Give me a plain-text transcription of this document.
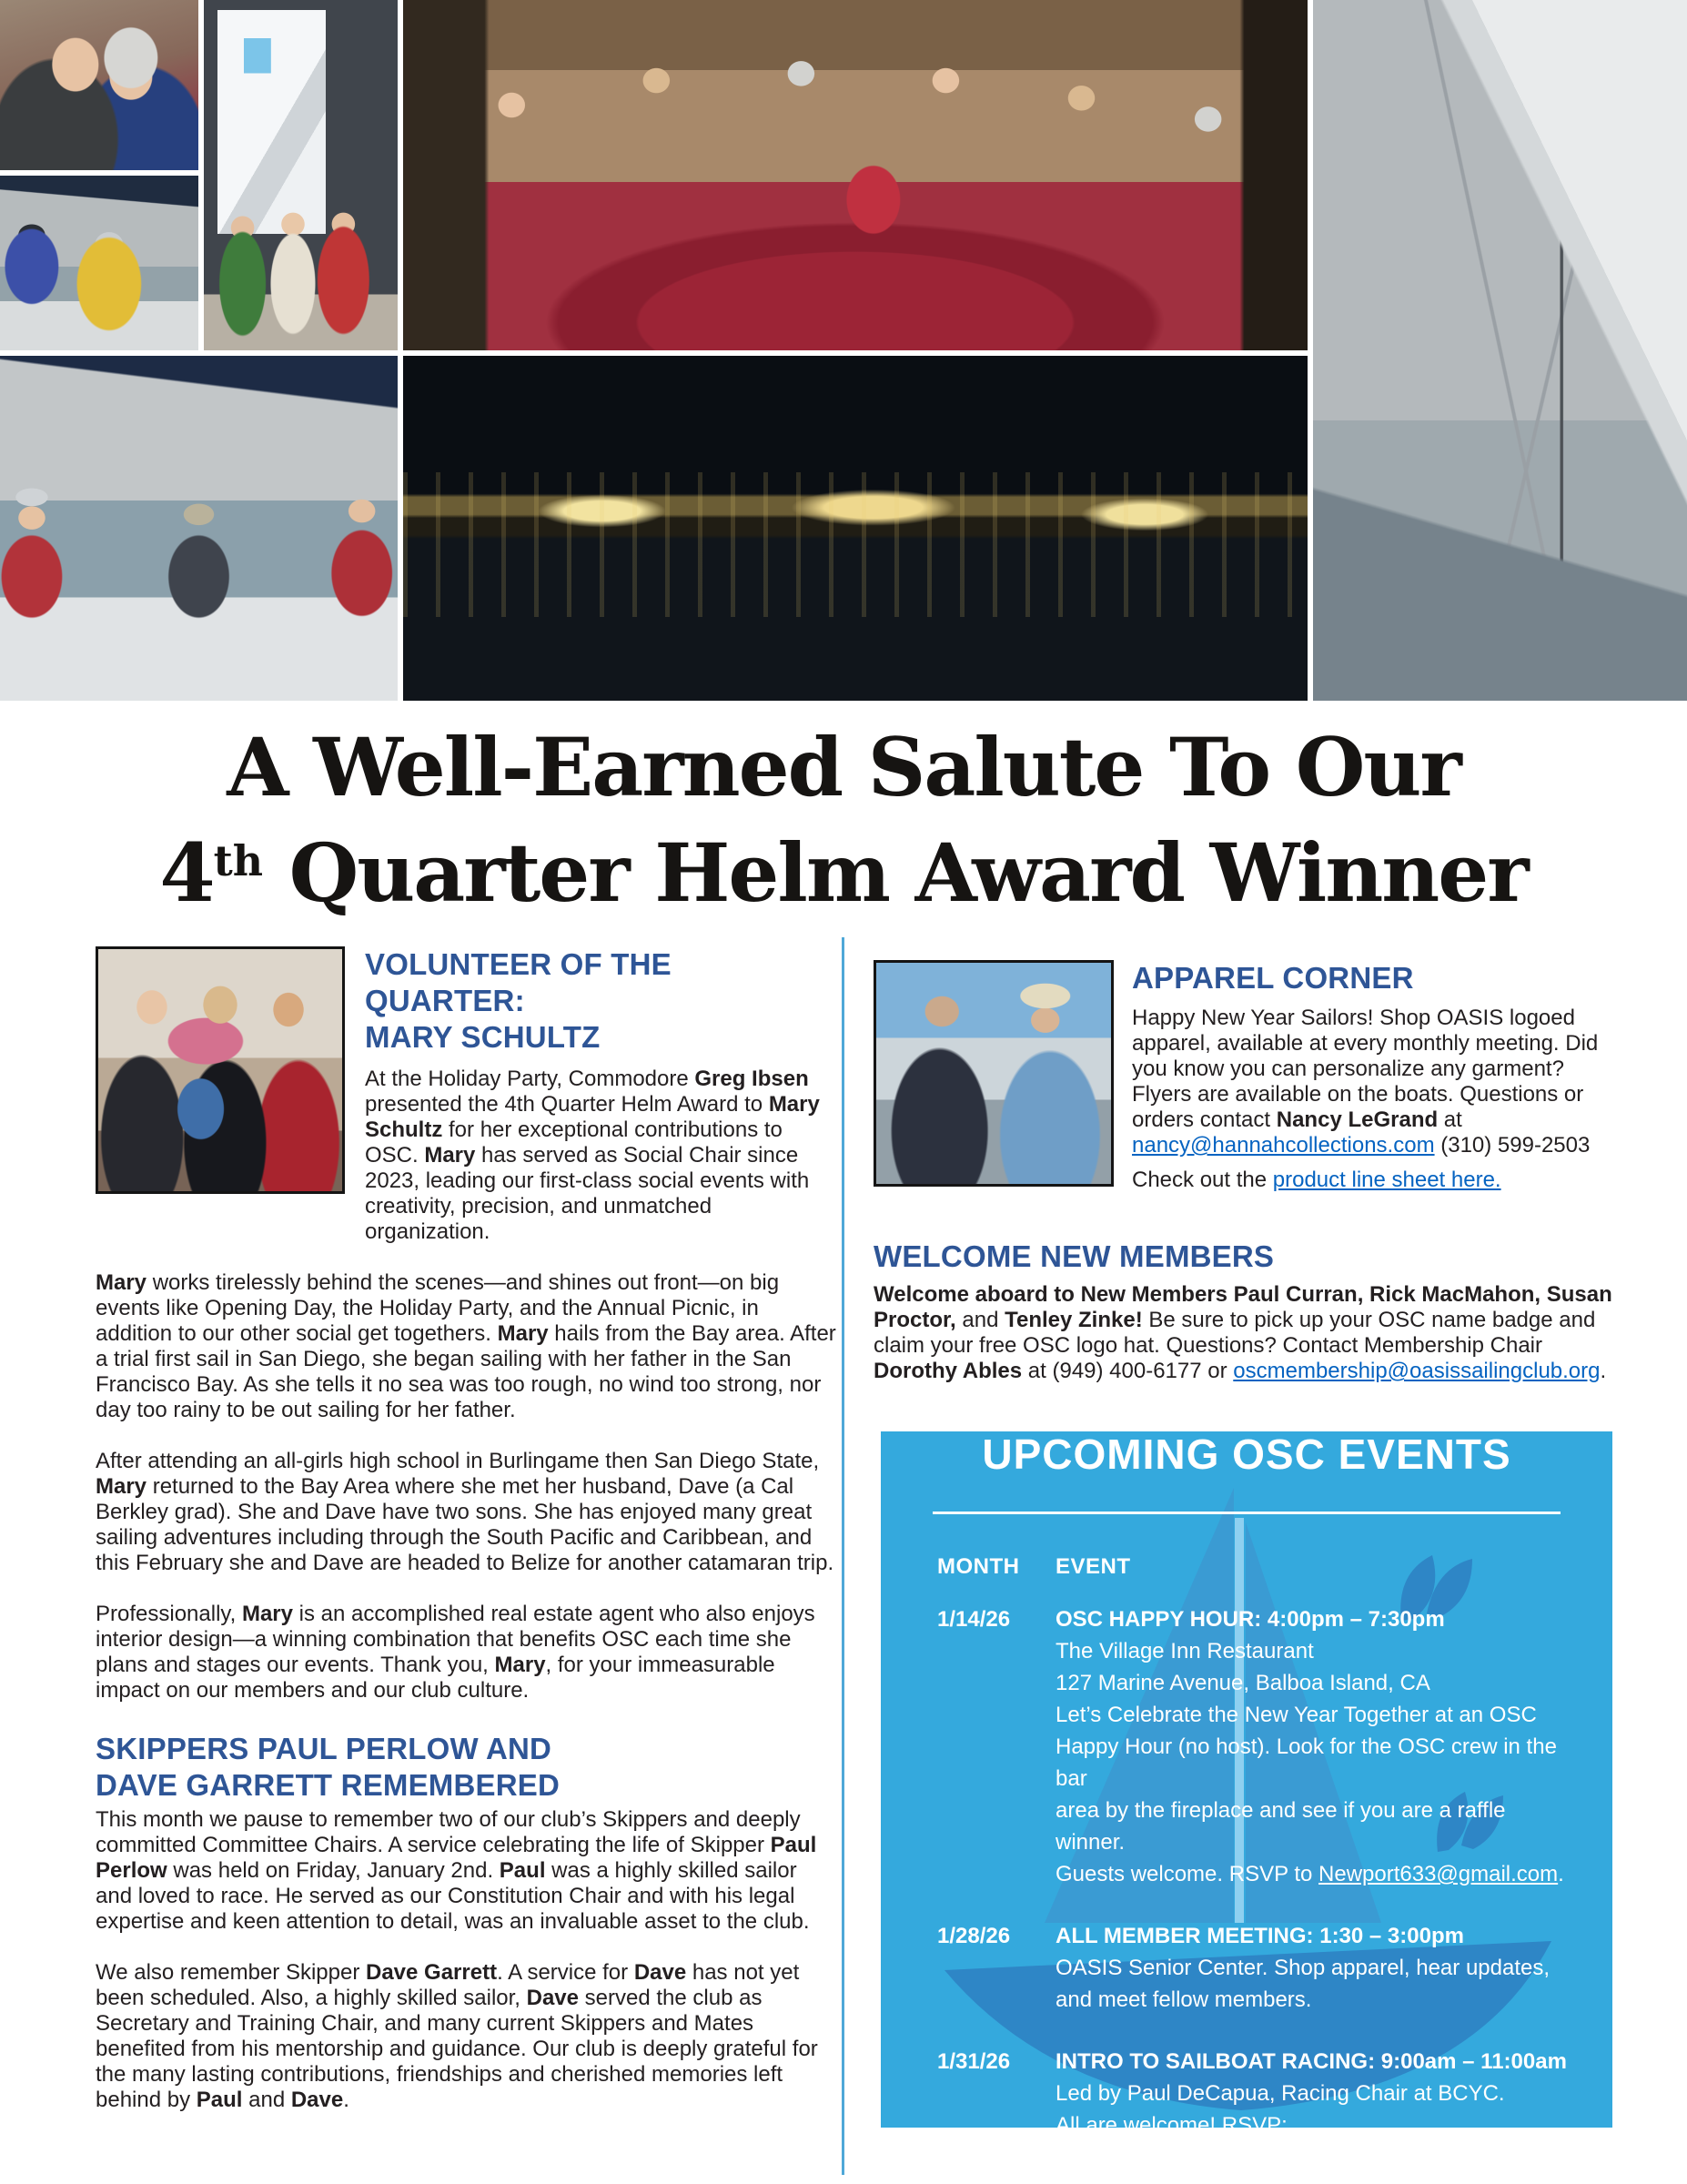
A Well-Earned Salute To Our
4th Quarter Helm Award Winner
VOLUNTEER OF THE QUARTER:
MARY SCHULTZ

At the Holiday Party, Commodore Greg Ibsen presented the 4th Quarter Helm Award to Mary Schultz for her exceptional contributions to OSC. Mary has served as Social Chair since 2023, leading our first-class social events with creativity, precision, and unmatched organization.

Mary works tirelessly behind the scenes—and shines out front—on big events like Opening Day, the Holiday Party, and the Annual Picnic, in addition to our other social get togethers. Mary hails from the Bay area. After a trial first sail in San Diego, she began sailing with her father in the San Francisco Bay. As she tells it no sea was too rough, no wind too strong, nor day too rainy to be out sailing for her father.

After attending an all-girls high school in Burlingame then San Diego State, Mary returned to the Bay Area where she met her husband, Dave (a Cal Berkley grad). She and Dave have two sons. She has enjoyed many great sailing adventures including through the South Pacific and Caribbean, and this February she and Dave are headed to Belize for another catamaran trip.

Professionally, Mary is an accomplished real estate agent who also enjoys interior design—a winning combination that benefits OSC each time she plans and stages our events. Thank you, Mary, for your immeasurable impact on our members and our club culture.

SKIPPERS PAUL PERLOW AND
DAVE GARRETT REMEMBERED

This month we pause to remember two of our club’s Skippers and deeply committed Committee Chairs. A service celebrating the life of Skipper Paul Perlow was held on Friday, January 2nd. Paul was a highly skilled sailor and loved to race. He served as our Constitution Chair and with his legal expertise and keen attention to detail, was an invaluable asset to the club.

We also remember Skipper Dave Garrett. A service for Dave has not yet been scheduled. Also, a highly skilled sailor, Dave served the club as Secretary and Training Chair, and many current Skippers and Mates benefited from his mentorship and guidance. Our club is deeply grateful for the many lasting contributions, friendships and cherished memories left behind by Paul and Dave.

APPAREL CORNER

Happy New Year Sailors! Shop OASIS logoed apparel, available at every monthly meeting. Did you know you can personalize any garment? Flyers are available on the boats. Questions or orders contact Nancy LeGrand at nancy@hannahcollections.com (310) 599-2503

Check out the product line sheet here.

WELCOME NEW MEMBERS

Welcome aboard to New Members Paul Curran, Rick MacMahon, Susan Proctor, and Tenley Zinke! Be sure to pick up your OSC name badge and claim your free OSC logo hat. Questions? Contact Membership Chair Dorothy Ables at (949) 400-6177 or oscmembership@oasissailingclub.org.

UPCOMING OSC EVENTS
MONTH	EVENT
1/14/26	OSC HAPPY HOUR: 4:00pm – 7:30pm
The Village Inn Restaurant
127 Marine Avenue, Balboa Island, CA
Let’s Celebrate the New Year Together at an OSC
Happy Hour (no host). Look for the OSC crew in the bar
area by the fireplace and see if you are a raffle winner.
Guests welcome. RSVP to Newport633@gmail.com.
1/28/26	ALL MEMBER MEETING: 1:30 – 3:00pm
OASIS Senior Center. Shop apparel, hear updates,
and meet fellow members.
1/31/26	INTRO TO SAILBOAT RACING: 9:00am – 11:00am
Led by Paul DeCapua, Racing Chair at BCYC.
All are welcome! RSVP:
https://bcycracing.org/intro-to-sailboat-racing/
